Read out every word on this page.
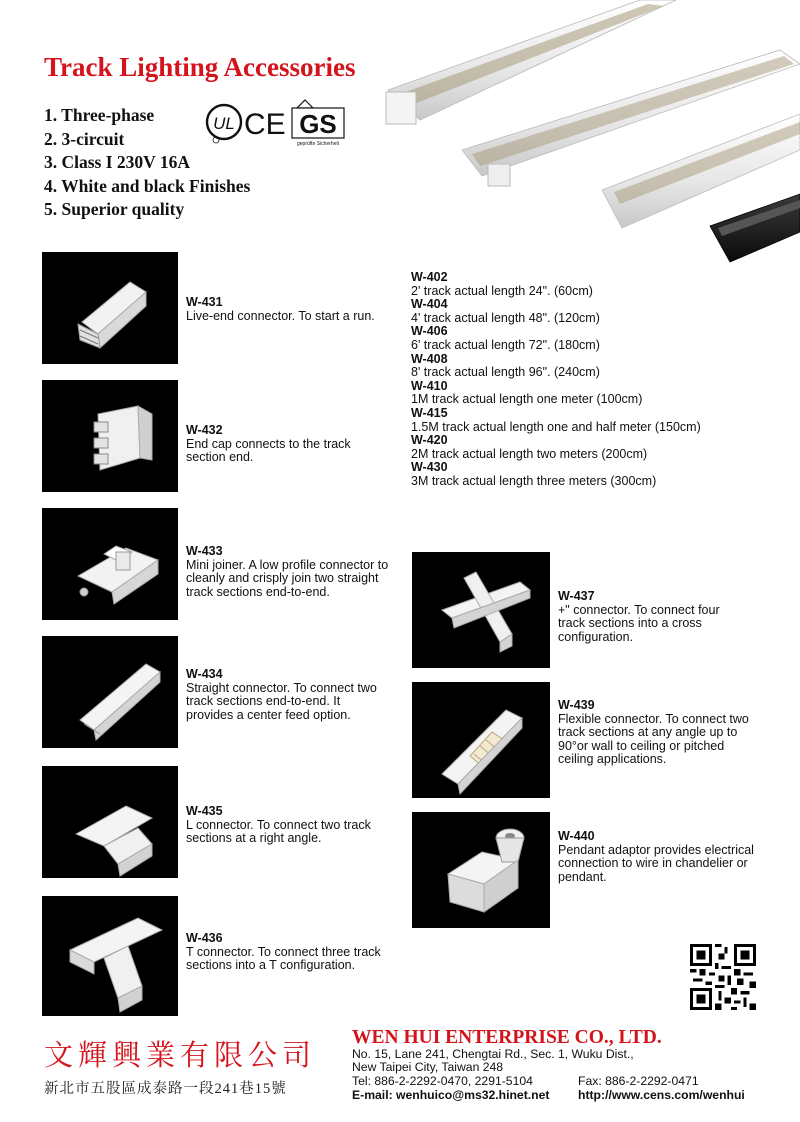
Track Lighting Accessories
1. Three-phase
2. 3-circuit
3. Class I 230V 16A
4. White and black Finishes
5. Superior quality
UL CE GS
geprüfte Sicherheit
W-431
Live-end connector. To start a run.
W-432
End cap connects to the track section end.
W-433
Mini joiner. A low profile connector to cleanly and crisply join two straight track sections end-to-end.
W-434
Straight connector. To connect two track sections end-to-end. It provides a center feed option.
W-435
L connector. To connect two track sections at a right angle.
W-436
T connector. To connect three track sections into a T configuration.
W-402
2' track actual length 24". (60cm)
W-404
4' track actual length 48". (120cm)
W-406
6' track actual length 72". (180cm)
W-408
8' track actual length 96". (240cm)
W-410
1M track actual length one meter (100cm)
W-415
1.5M track actual length one and half meter (150cm)
W-420
2M track actual length two meters (200cm)
W-430
3M track actual length three meters (300cm)
W-437
+" connector. To connect four track sections into a cross configuration.
W-439
Flexible connector. To connect two track sections at any angle up to 90°or wall to ceiling or pitched ceiling applications.
W-440
Pendant adaptor provides electrical connection to wire in chandelier or pendant.
文輝興業有限公司
新北市五股區成泰路一段241巷15號
WEN HUI ENTERPRISE CO., LTD.
No. 15, Lane 241, Chengtai Rd., Sec. 1, Wuku Dist.,
New Taipei City, Taiwan 248
Tel: 886-2-2292-0470, 2291-5104	Fax: 886-2-2292-0471
E-mail: wenhuico@ms32.hinet.net http://www.cens.com/wenhui
